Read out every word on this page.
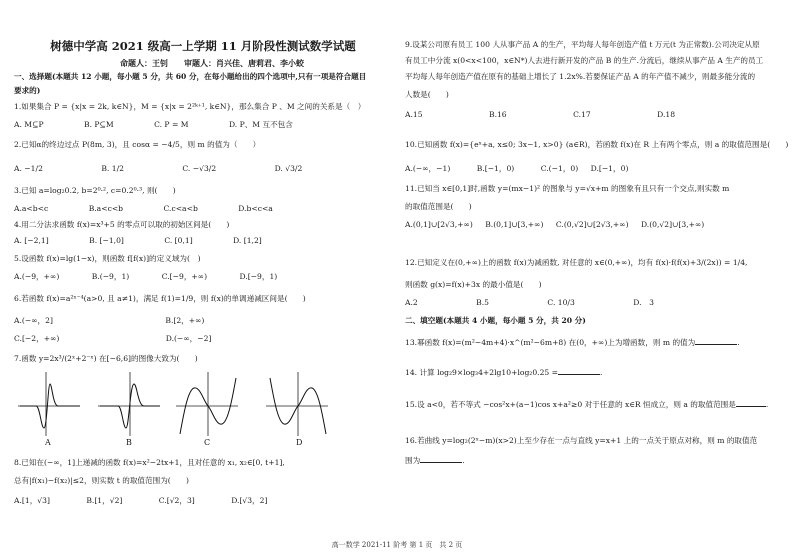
树德中学高 2021 级高一上学期 11 月阶段性测试数学试题
命题人：王钊　　审题人：肖兴佳、唐莉君、李小蛟
一、选择题(本题共 12 小题，每小题 5 分，共 60 分，在每小题给出的四个选项中,只有一项是符合题目
要求的)
1.如果集合 P = {x|x = 2k, k∈N}，M = {x|x = 2²ᵏ⁺¹, k∈N}，那么集合 P 、M 之间的关系是（　）
A. M⊆P	B. P⊆M	C. P = M	D. P、M 互不包含
2.已知α的终边过点 P(8m, 3)，且 cosα = −4/5，则 m 的值为（　　）
A. −1/2	B. 1/2	C. −√3/2	D. √3/2
3.已知 a=log₂0.2, b=2⁰·², c=0.2⁰·³, 则(　　)
A.a<b<c	B.a<c<b	C.c<a<b	D.b<c<a
4.用二分法求函数 f(x)=x³+5 的零点可以取的初始区间是(　　)
A. [−2,1]	B. [−1,0]	C. [0,1]	D. [1,2]
5.设函数 f(x)=lg(1−x)，则函数 f[f(x)]的定义域为(　)
A.(−9，+∞)	B.(−9，1)	C.[−9，+∞)	D.[−9，1)
6.若函数 f(x)=a²ˣ⁻⁴(a>0, 且 a≠1)，满足 f(1)=1/9，则 f(x)的单调递减区间是(　　)
A.(−∞，2]	B.[2，+∞)
C.[−2，+∞)	D.(−∞，−2]
7.函数 y=2x³/(2ˣ+2⁻ˣ) 在[−6,6]的图像大致为(　　)
A	B	C	D
8.已知在(−∞，1]上递减的函数 f(x)=x²−2tx+1，且对任意的 x₁, x₂∈[0, t+1],
总有|f(x₁)−f(x₂)|≤2，则实数 t 的取值范围为(　　)
A.[1，√3]	B.[1，√2]	C.[√2，3]	D.[√3，2]
9.设某公司原有员工 100 人从事产品 A 的生产，平均每人每年创造产值 t 万元(t 为正常数).公司决定从原
有员工中分流 x(0<x<100，x∈N*)人去进行新开发的产品 B 的生产.分流后，继续从事产品 A 生产的员工
平均每人每年创造产值在原有的基础上增长了 1.2x%.若要保证产品 A 的年产值不减少，则最多能分流的
人数是(　　)
A.15	B.16	C.17	D.18
10.已知函数 f(x)={eˣ+a, x≤0; 3x−1, x>0} (a∈R)，若函数 f(x)在 R 上有两个零点，则 a 的取值范围是(　　)
A.(−∞，−1)	B.[−1，0)	C.(−1，0) D.[−1，0)
11.已知当 x∈[0,1]时,函数 y=(mx−1)² 的图象与 y=√x+m 的图象有且只有一个交点,则实数 m
的取值范围是(　　)
A.(0,1]∪[2√3,+∞) B.(0,1]∪[3,+∞) C.(0,√2]∪[2√3,+∞) D.(0,√2]∪[3,+∞)
12.已知定义在(0,+∞)上的函数 f(x)为减函数, 对任意的 x∈(0,+∞)，均有 f(x)·f(f(x)+3/(2x)) = 1/4,
则函数 g(x)=f(x)+3x 的最小值是(　　)
A.2	B.5	C. 10/3	D.　3
二、填空题(本题共 4 小题，每小题 5 分，共 20 分)
13.幂函数 f(x)=(m²−4m+4)·x^(m²−6m+8) 在(0，+∞)上为增函数，则 m 的值为	.
14. 计算 log₂9×log₃4+2lg10+log₂0.25 =	.
15.设 a<0，若不等式 −cos²x+(a−1)cos x+a²≥0 对于任意的 x∈R 恒成立，则 a 的取值范围是	.
16.若曲线 y=log₂(2ˣ−m)(x>2)上至少存在一点与直线 y=x+1 上的一点关于原点对称，则 m 的取值范
围为	.
高一数学 2021-11 阶考 第 1 页　共 2 页
